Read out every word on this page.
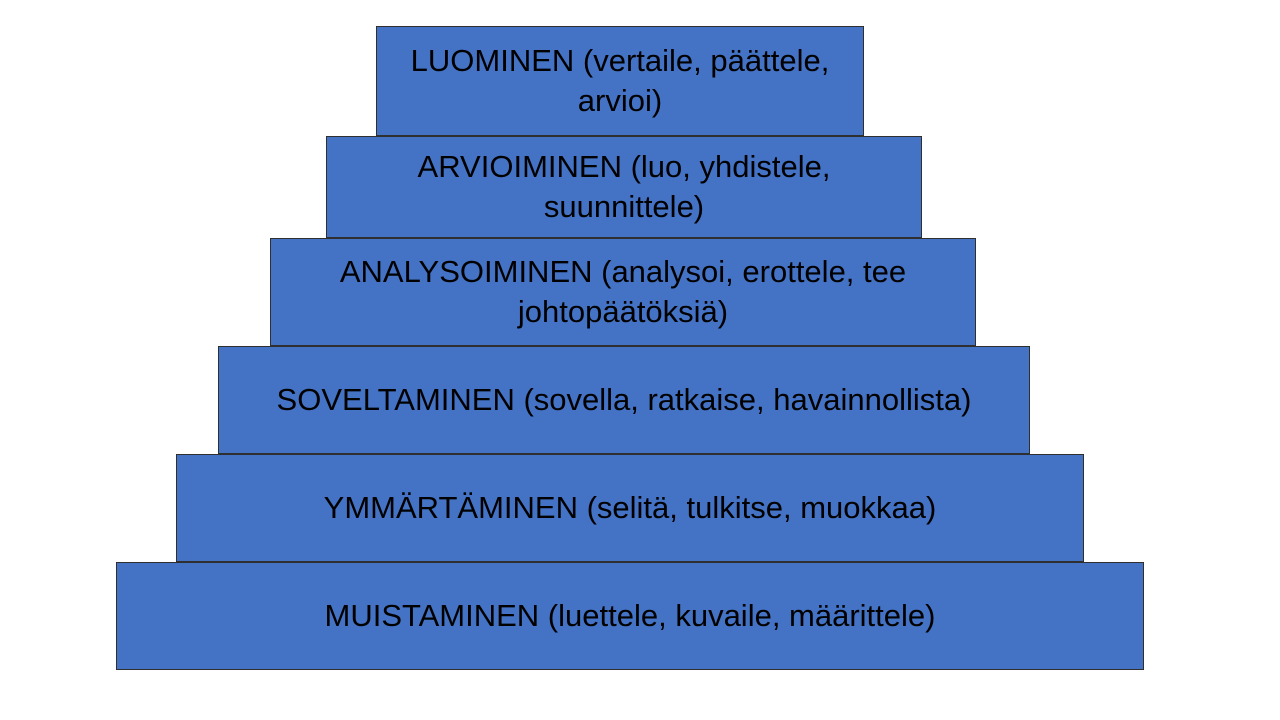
LUOMINEN (vertaile, päättele, arvioi)
ARVIOIMINEN (luo, yhdistele, suunnittele)
ANALYSOIMINEN (analysoi, erottele, tee johtopäätöksiä)
SOVELTAMINEN (sovella, ratkaise, havainnollista)
YMMÄRTÄMINEN (selitä, tulkitse, muokkaa)
MUISTAMINEN (luettele, kuvaile, määrittele)
